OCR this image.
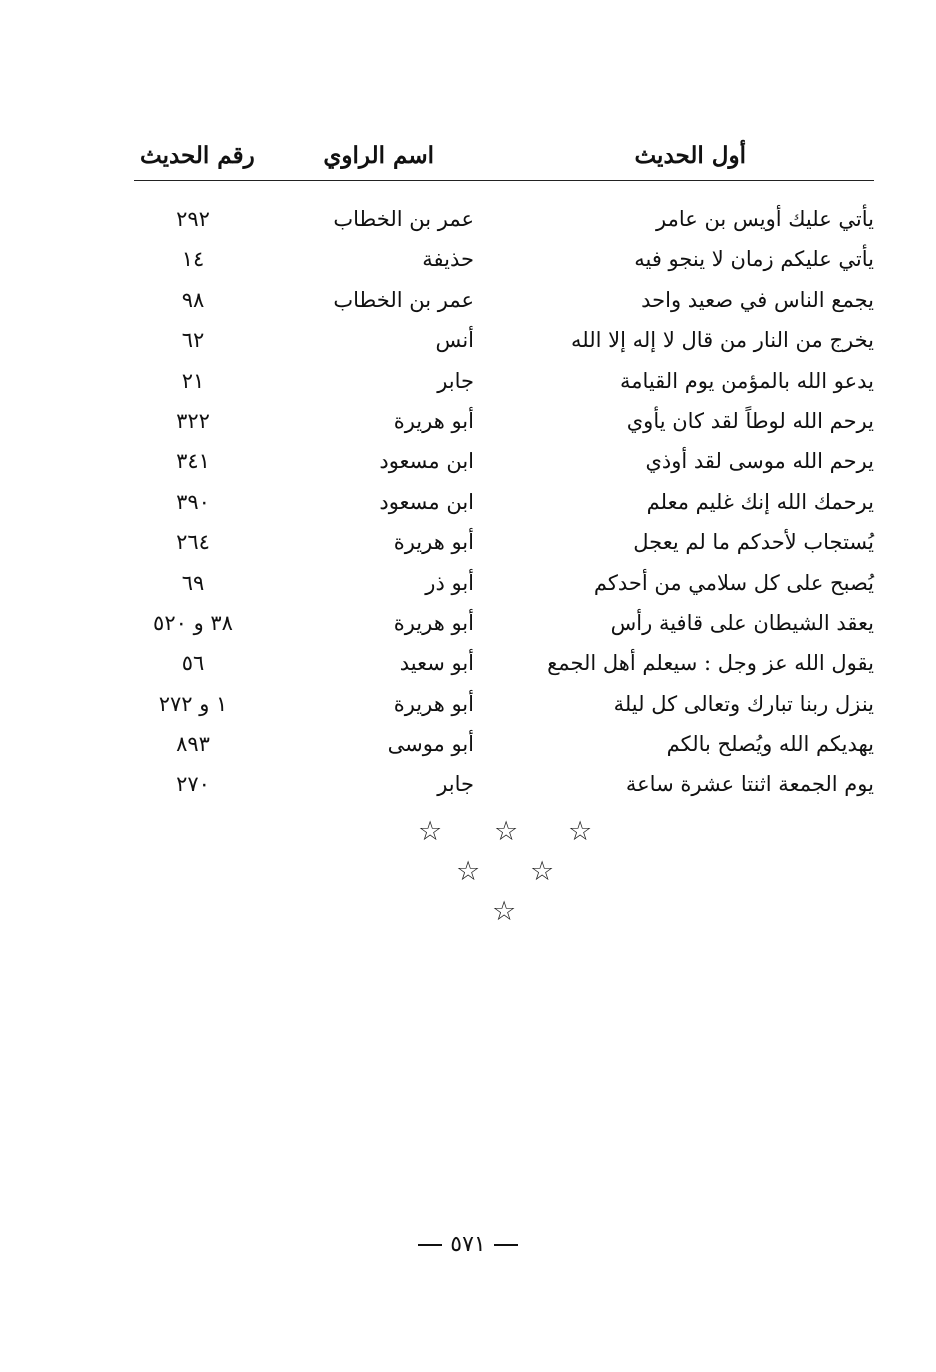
أول الحديث
اسم الراوي
رقم الحديث
يأتي عليك أويس بن عامر
عمر بن الخطاب
٢٩٢
يأتي عليكم زمان لا ينجو فيه
حذيفة
١٤
يجمع الناس في صعيد واحد
عمر بن الخطاب
٩٨
يخرج من النار من قال لا إله إلا الله
أنس
٦٢
يدعو الله بالمؤمن يوم القيامة
جابر
٢١
يرحم الله لوطاً لقد كان يأوي
أبو هريرة
٣٢٢
يرحم الله موسى لقد أوذي
ابن مسعود
٣٤١
يرحمك الله إنك غليم معلم
ابن مسعود
٣٩٠
يُستجاب لأحدكم ما لم يعجل
أبو هريرة
٢٦٤
يُصبح على كل سلامي من أحدكم
أبو ذر
٦٩
يعقد الشيطان على قافية رأس
أبو هريرة
٣٨ و ٥٢٠
يقول الله عز وجل : سيعلم أهل الجمع
أبو سعيد
٥٦
ينزل ربنا تبارك وتعالى كل ليلة
أبو هريرة
١ و ٢٧٢
يهديكم الله ويُصلح بالكم
أبو موسى
٨٩٣
يوم الجمعة اثنتا عشرة ساعة
جابر
٢٧٠
☆
☆
☆
☆
☆
☆
٥٧١
